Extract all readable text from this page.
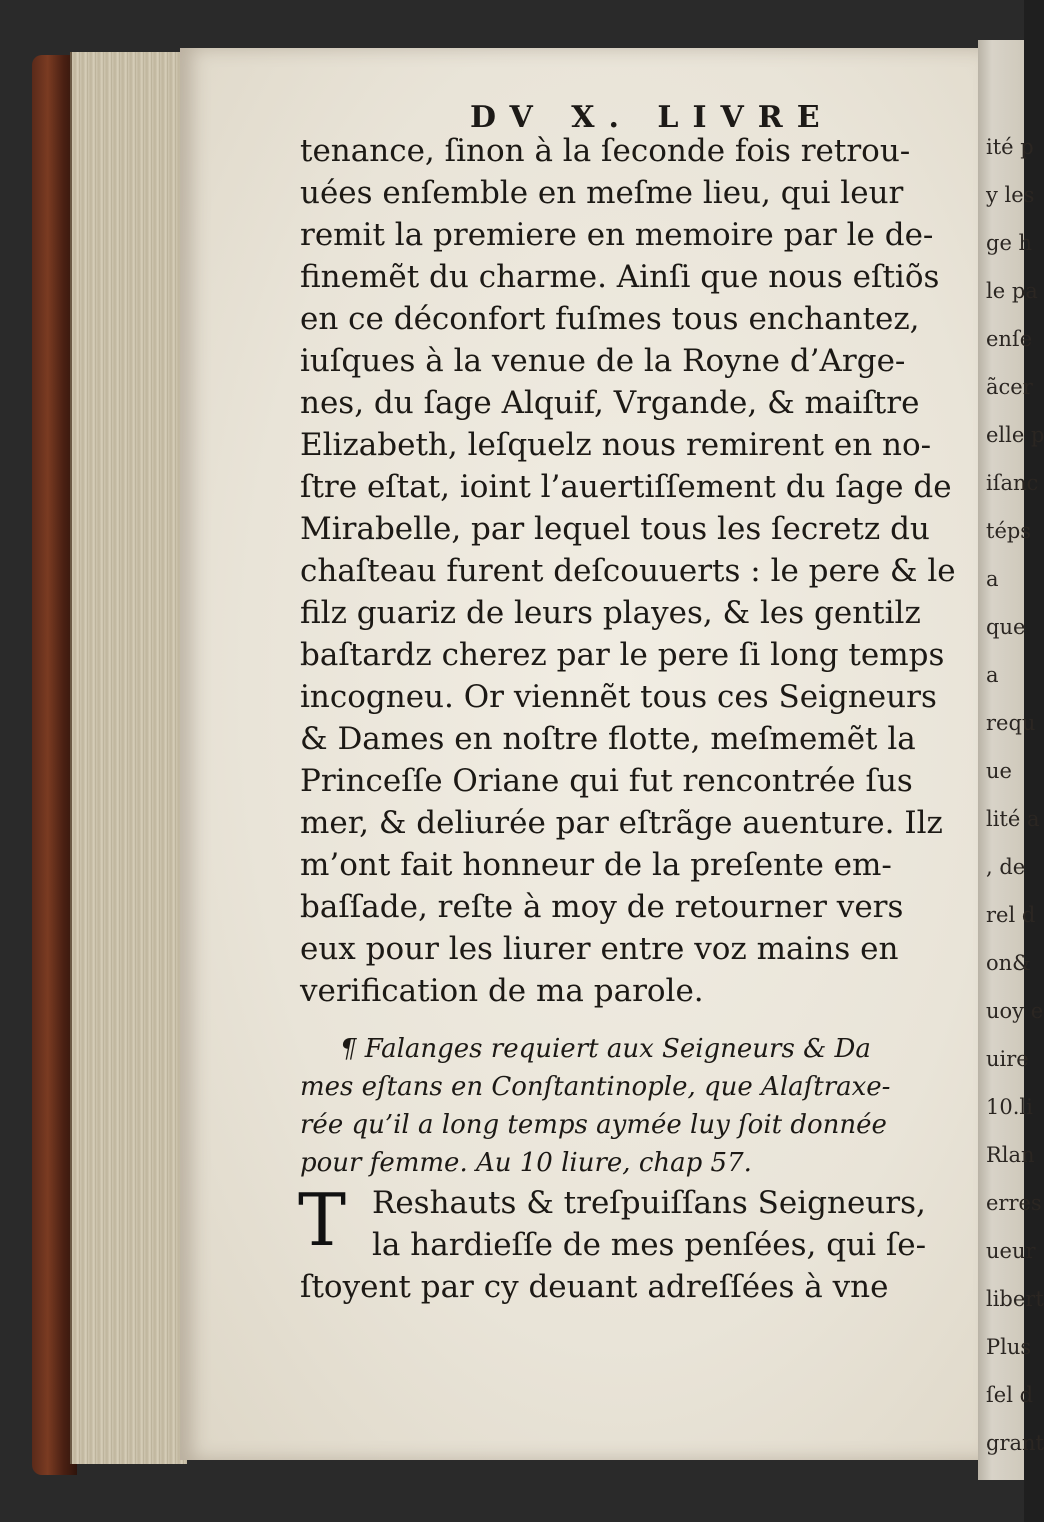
ité p
y les
ge h
le pa
enſe
ãcer
elle p
iſanc
téps
a
que
a
requ
ue
lité a
, de
rel d
on&
uoy e
uire
10.li
Rlan
erres
ueur
libert
Plus
ſel d
grant
DV X. LIVRE
tenance, ſinon à la ſeconde fois retrou-
uées enſemble en meſme lieu, qui leur
remit la premiere en memoire par le de-
finemẽt du charme. Ainſi que nous eſtiõs
en ce déconfort fuſmes tous enchantez,
iuſques à la venue de la Royne d’Arge-
nes, du ſage Alquif, Vrgande, & maiſtre
Elizabeth, leſquelz nous remirent en no-
ſtre eſtat, ioint l’auertiſſement du ſage de
Mirabelle, par lequel tous les ſecretz du
chaſteau furent deſcouuerts : le pere & le
filz guariz de leurs playes, & les gentilz
baſtardz cherez par le pere ſi long temps
incogneu. Or viennẽt tous ces Seigneurs
& Dames en noſtre flotte, meſmemẽt la
Princeſſe Oriane qui fut rencontrée ſus
mer, & deliurée par eſtrãge auenture. Ilz
m’ont fait honneur de la preſente em-
baſſade, reſte à moy de retourner vers
eux pour les liurer entre voz mains en
verification de ma parole.
¶ Falanges requiert aux Seigneurs & Da
mes eſtans en Conſtantinople, que Alaſtraxe-
rée qu’il a long temps aymée luy ſoit donnée
pour femme. Au 10 liure, chap 57.
T Reshauts & treſpuiſſans Seigneurs,
la hardieſſe de mes penſées, qui ſe-
ſtoyent par cy deuant adreſſées à vne
